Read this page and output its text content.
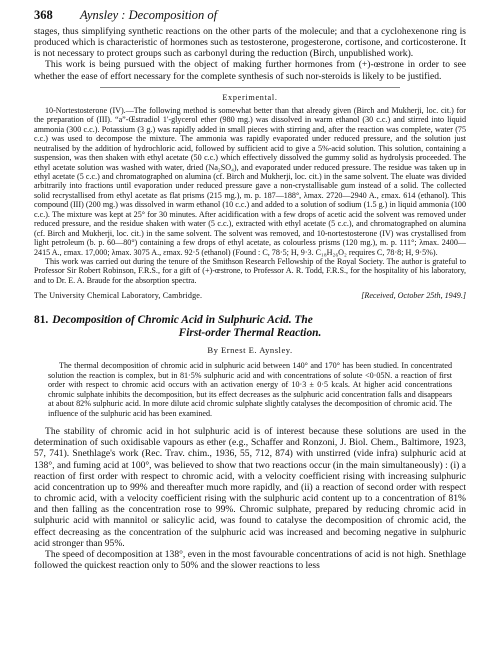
368	Aynsley : Decomposition of

stages, thus simplifying synthetic reactions on the other parts of the molecule; and that a cyclohexenone ring is produced which is characteristic of hormones such as testosterone, progesterone, cortisone, and corticosterone. It is not necessary to protect groups such as carbonyl during the reduction (Birch, unpublished work).

This work is being pursued with the object of making further hormones from (+)-œstrone in order to see whether the ease of effort necessary for the complete synthesis of such nor-steroids is likely to be justified.

Experimental.

10-Nortestosterone (IV).—The following method is somewhat better than that already given (Birch and Mukherji, loc. cit.) for the preparation of (III). “a”-Œstradiol 1'-glycerol ether (980 mg.) was dissolved in warm ethanol (30 c.c.) and stirred into liquid ammonia (300 c.c.). Potassium (3 g.) was rapidly added in small pieces with stirring and, after the reaction was complete, water (75 c.c.) was used to decompose the mixture. The ammonia was rapidly evaporated under reduced pressure, and the solution just neutralised by the addition of hydrochloric acid, followed by sufficient acid to give a 5%-acid solution. This solution, containing a suspension, was then shaken with ethyl acetate (50 c.c.) which effectively dissolved the gummy solid as hydrolysis proceeded. The ethyl acetate solution was washed with water, dried (Na₂SO₄), and evaporated under reduced pressure. The residue was taken up in ethyl acetate (5 c.c.) and chromatographed on alumina (cf. Birch and Mukherji, loc. cit.) in the same solvent. The eluate was divided arbitrarily into fractions until evaporation under reduced pressure gave a non-crystallisable gum instead of a solid. The collected solid recrystallised from ethyl acetate as flat prisms (215 mg.), m. p. 187—188°, λmax. 2720—2940 A., εmax. 614 (ethanol). This compound (III) (200 mg.) was dissolved in warm ethanol (10 c.c.) and added to a solution of sodium (1.5 g.) in liquid ammonia (100 c.c.). The mixture was kept at 25° for 30 minutes. After acidification with a few drops of acetic acid the solvent was removed under reduced pressure, and the residue shaken with water (5 c.c.), extracted with ethyl acetate (5 c.c.), and chromatographed on alumina (cf. Birch and Mukherji, loc. cit.) in the same solvent. The solvent was removed, and 10-nortestosterone (IV) was crystallised from light petroleum (b. p. 60—80°) containing a few drops of ethyl acetate, as colourless prisms (120 mg.), m. p. 111°; λmax. 2400—2415 A., εmax. 17,000; λmax. 3075 A., εmax. 92·5 (ethanol) (Found : C, 78·5; H, 9·3. C₁₈H₂₆O₂ requires C, 78·8; H, 9·5%).

This work was carried out during the tenure of the Smithson Research Fellowship of the Royal Society. The author is grateful to Professor Sir Robert Robinson, F.R.S., for a gift of (+)-œstrone, to Professor A. R. Todd, F.R.S., for the hospitality of his laboratory, and to Dr. E. A. Braude for the absorption spectra.

The University Chemical Laboratory, Cambridge.	[Received, October 25th, 1949.]
81. Decomposition of Chromic Acid in Sulphuric Acid. The
First-order Thermal Reaction.
By Ernest E. Aynsley.

The thermal decomposition of chromic acid in sulphuric acid between 140° and 170° has been studied. In concentrated solution the reaction is complex, but in 81·5% sulphuric acid and with concentrations of solute <0·05N. a reaction of first order with respect to chromic acid occurs with an activation energy of 10·3 ± 0·5 kcals. At higher acid concentrations chromic sulphate inhibits the decomposition, but its effect decreases as the sulphuric acid concentration falls and disappears at about 82% sulphuric acid. In more dilute acid chromic sulphate slightly catalyses the decomposition of chromic acid. The influence of the sulphuric acid has been examined.

The stability of chromic acid in hot sulphuric acid is of interest because these solutions are used in the determination of such oxidisable vapours as ether (e.g., Schaffer and Ronzoni, J. Biol. Chem., Baltimore, 1923, 57, 741). Snethlage's work (Rec. Trav. chim., 1936, 55, 712, 874) with unstirred (vide infra) sulphuric acid at 138°, and fuming acid at 100°, was believed to show that two reactions occur (in the main simultaneously) : (i) a reaction of first order with respect to chromic acid, with a velocity coefficient rising with increasing sulphuric acid concentration up to 99% and thereafter much more rapidly, and (ii) a reaction of second order with respect to chromic acid, with a velocity coefficient rising with the sulphuric acid content up to a concentration of 81% and then falling as the concentration rose to 99%. Chromic sulphate, prepared by reducing chromic acid in sulphuric acid with mannitol or salicylic acid, was found to catalyse the decomposition of chromic acid, the effect decreasing as the concentration of the sulphuric acid was increased and becoming negative in sulphuric acid stronger than 95%.

The speed of decomposition at 138°, even in the most favourable concentrations of acid is not high. Snethlage followed the quickest reaction only to 50% and the slower reactions to less
